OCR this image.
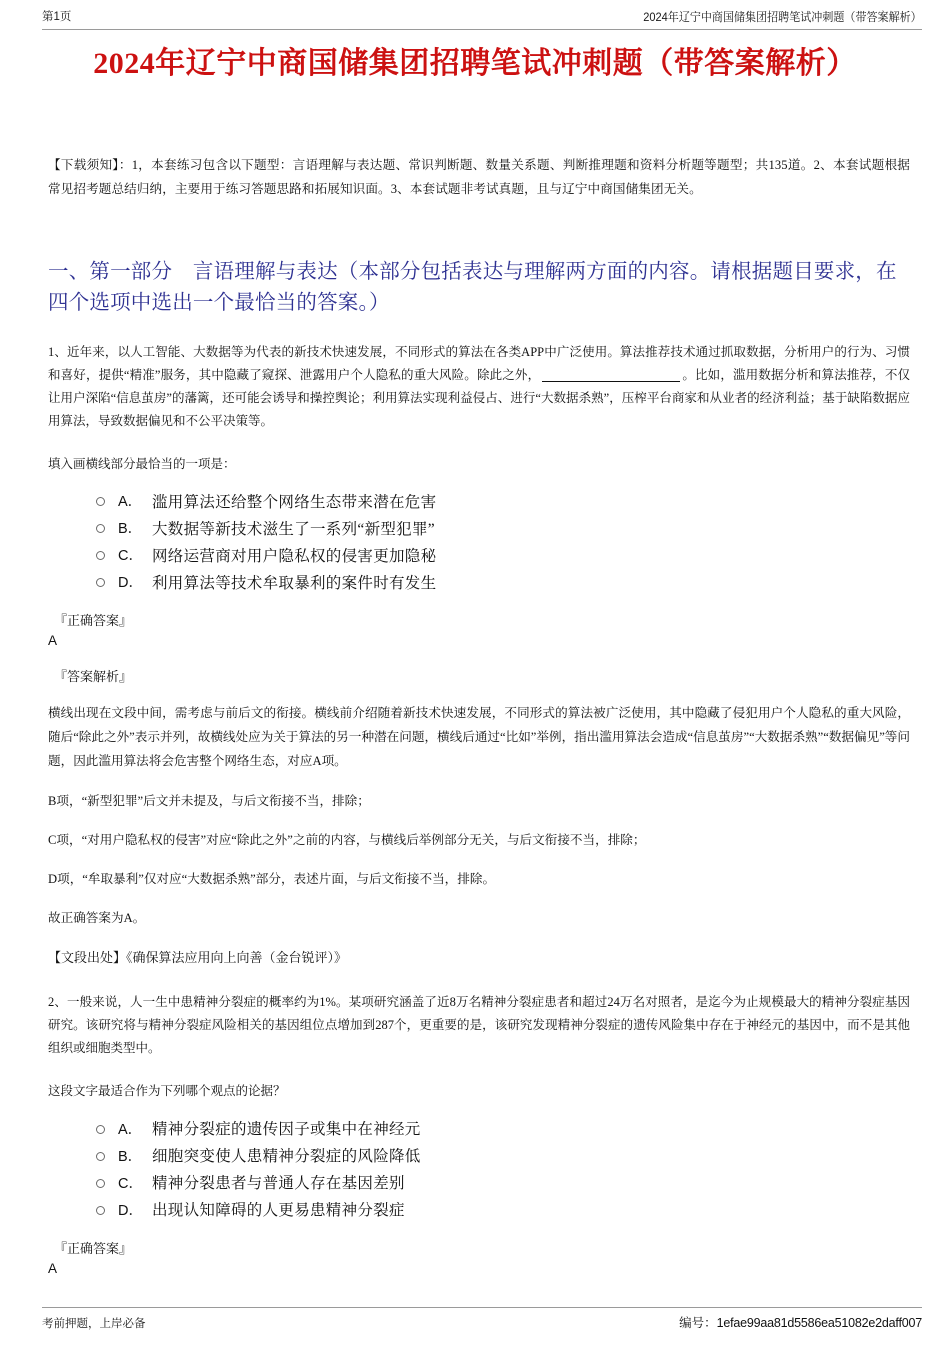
第1页	2024年辽宁中商国储集团招聘笔试冲刺题（带答案解析）
2024年辽宁中商国储集团招聘笔试冲刺题（带答案解析）

【下载须知】：1，本套练习包含以下题型：言语理解与表达题、常识判断题、数量关系题、判断推理题和资料分析题等题型；共135道。2、本套试题根据常见招考题总结归纳，主要用于练习答题思路和拓展知识面。3、本套试题非考试真题，且与辽宁中商国储集团无关。

一、第一部分　言语理解与表达（本部分包括表达与理解两方面的内容。请根据题目要求，在四个选项中选出一个最恰当的答案。）

1、近年来，以人工智能、大数据等为代表的新技术快速发展，不同形式的算法在各类APP中广泛使用。算法推荐技术通过抓取数据，分析用户的行为、习惯和喜好，提供“精准”服务，其中隐藏了窥探、泄露用户个人隐私的重大风险。除此之外，	。比如，滥用数据分析和算法推荐，不仅让用户深陷“信息茧房”的藩篱，还可能会诱导和操控舆论；利用算法实现利益侵占、进行“大数据杀熟”，压榨平台商家和从业者的经济利益；基于缺陷数据应用算法，导致数据偏见和不公平决策等。

填入画横线部分最恰当的一项是：

A． 滥用算法还给整个网络生态带来潜在危害
B． 大数据等新技术滋生了一系列“新型犯罪”
C． 网络运营商对用户隐私权的侵害更加隐秘
D． 利用算法等技术牟取暴利的案件时有发生
『正确答案』
A
『答案解析』

横线出现在文段中间，需考虑与前后文的衔接。横线前介绍随着新技术快速发展，不同形式的算法被广泛使用，其中隐藏了侵犯用户个人隐私的重大风险，随后“除此之外”表示并列，故横线处应为关于算法的另一种潜在问题，横线后通过“比如”举例，指出滥用算法会造成“信息茧房”“大数据杀熟”“数据偏见”等问题，因此滥用算法将会危害整个网络生态，对应A项。

B项，“新型犯罪”后文并未提及，与后文衔接不当，排除；

C项，“对用户隐私权的侵害”对应“除此之外”之前的内容，与横线后举例部分无关，与后文衔接不当，排除；

D项，“牟取暴利”仅对应“大数据杀熟”部分，表述片面，与后文衔接不当，排除。

故正确答案为A。

【文段出处】《确保算法应用向上向善（金台锐评）》

2、一般来说，人一生中患精神分裂症的概率约为1%。某项研究涵盖了近8万名精神分裂症患者和超过24万名对照者，是迄今为止规模最大的精神分裂症基因研究。该研究将与精神分裂症风险相关的基因组位点增加到287个，更重要的是，该研究发现精神分裂症的遗传风险集中存在于神经元的基因中，而不是其他组织或细胞类型中。

这段文字最适合作为下列哪个观点的论据？

A． 精神分裂症的遗传因子或集中在神经元
B． 细胞突变使人患精神分裂症的风险降低
C． 精神分裂患者与普通人存在基因差别
D． 出现认知障碍的人更易患精神分裂症
『正确答案』
A
考前押题，上岸必备	编号：1efae99aa81d5586ea51082e2daff007
